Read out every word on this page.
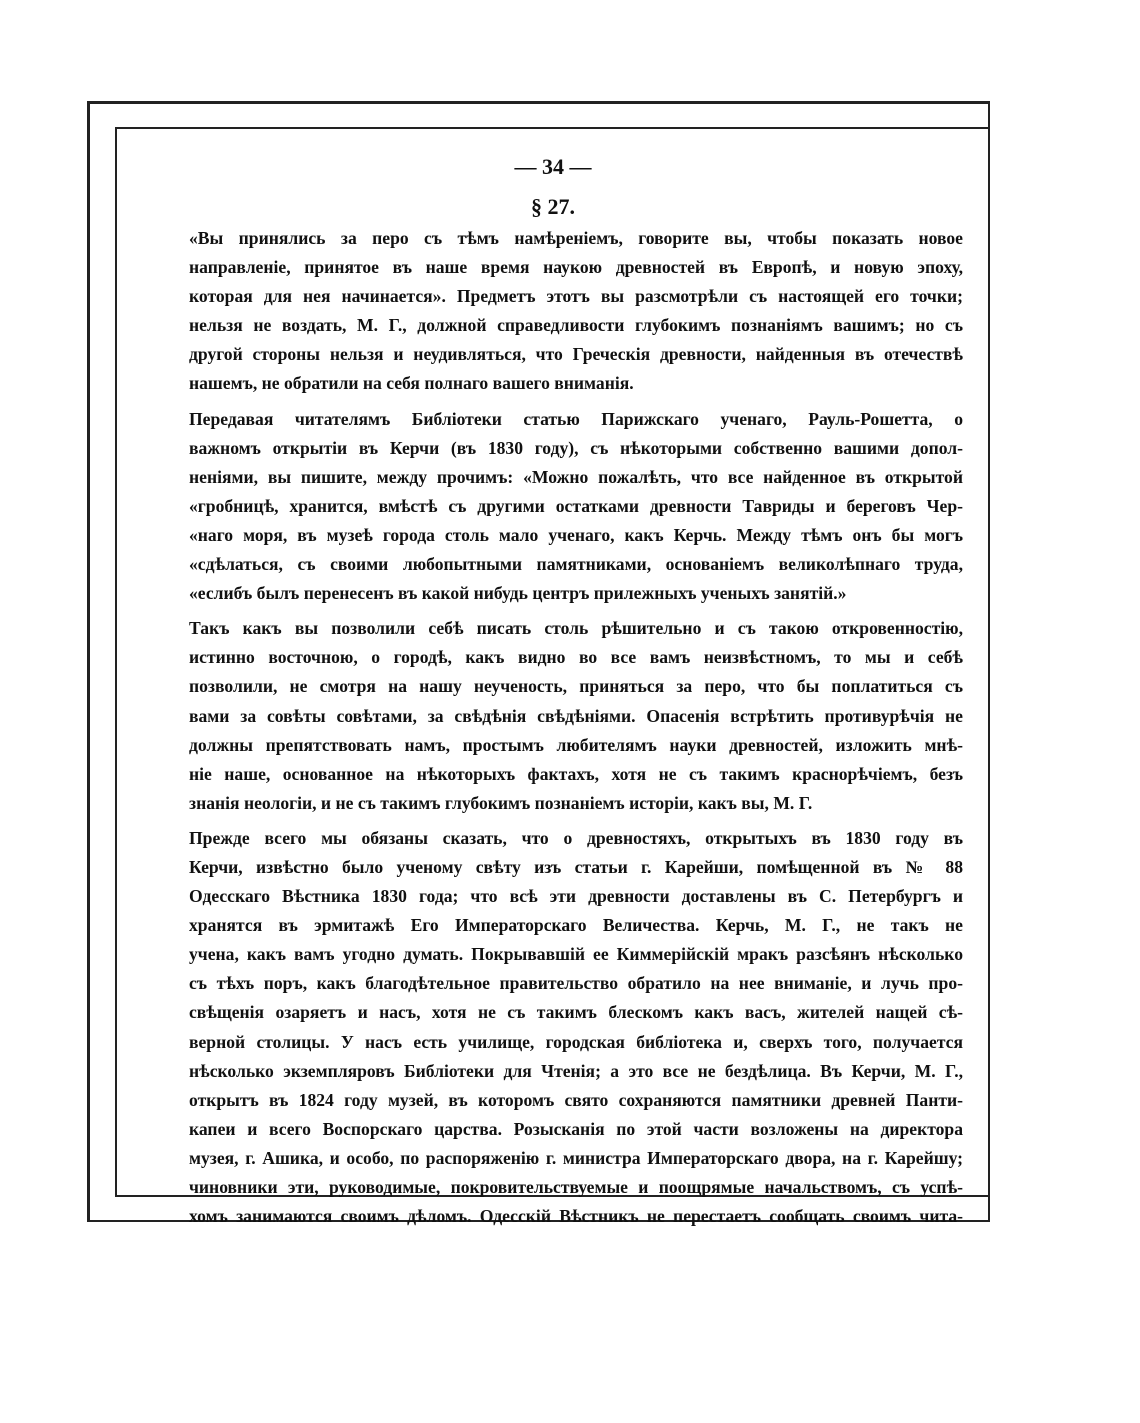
— 34 —
§ 27.
«Вы принялись за перо съ тѣмъ намѣреніемъ, говорите вы, чтобы показать новое
направленіе, принятое въ наше время наукою древностей въ Европѣ, и новую эпоху,
которая для нея начинается». Предметъ этотъ вы разсмотрѣли съ настоящей его точки;
нельзя не воздать, М. Г., должной справедливости глубокимъ познаніямъ вашимъ; но съ
другой стороны нельзя и неудивляться, что Греческія древности, найденныя въ отечествѣ
нашемъ, не обратили на себя полнаго вашего вниманія.
Передавая читателямъ Библіотеки статью Парижскаго ученаго, Рауль-Рошетта, о
важномъ открытіи въ Керчи (въ 1830 году), съ нѣкоторыми собственно вашими допол-
неніями, вы пишите, между прочимъ: «Можно пожалѣть, что все найденное въ открытой
«гробницѣ, хранится, вмѣстѣ съ другими остатками древности Тавриды и береговъ Чер-
«наго моря, въ музеѣ города столь мало ученаго, какъ Керчь. Между тѣмъ онъ бы могъ
«сдѣлаться, съ своими любопытными памятниками, основаніемъ великолѣпнаго труда,
«еслибъ былъ перенесенъ въ какой нибудь центръ прилежныхъ ученыхъ занятій.»
Такъ какъ вы позволили себѣ писать столь рѣшительно и съ такою откровенностію,
истинно восточною, о городѣ, какъ видно во все вамъ неизвѣстномъ, то мы и себѣ
позволили, не смотря на нашу неученость, приняться за перо, что бы поплатиться съ
вами за совѣты совѣтами, за свѣдѣнія свѣдѣніями. Опасенія встрѣтить противурѣчія не
должны препятствовать намъ, простымъ любителямъ науки древностей, изложить мнѣ-
ніе наше, основанное на нѣкоторыхъ фактахъ, хотя не съ такимъ краснорѣчіемъ, безъ
знанія неологіи, и не съ такимъ глубокимъ познаніемъ исторіи, какъ вы, М. Г.
Прежде всего мы обязаны сказать, что о древностяхъ, открытыхъ въ 1830 году въ
Керчи, извѣстно было ученому свѣту изъ статьи г. Карейши, помѣщенной въ № 88
Одесскаго Вѣстника 1830 года; что всѣ эти древности доставлены въ С. Петербургъ и
хранятся въ эрмитажѣ Его Императорскаго Величества. Керчь, М. Г., не такъ не
учена, какъ вамъ угодно думать. Покрывавшій ее Киммерійскій мракъ разсѣянъ нѣсколько
съ тѣхъ поръ, какъ благодѣтельное правительство обратило на нее вниманіе, и лучь про-
свѣщенія озаряетъ и насъ, хотя не съ такимъ блескомъ какъ васъ, жителей нащей сѣ-
верной столицы. У насъ есть училище, городская библіотека и, сверхъ того, получается
нѣсколько экземпляровъ Библіотеки для Чтенія; а это все не бездѣлица. Въ Керчи, М. Г.,
открытъ въ 1824 году музей, въ которомъ свято сохраняются памятники древней Панти-
капеи и всего Воспорскаго царства. Розысканія по этой части возложены на директора
музея, г. Ашика, и особо, по распоряженію г. министра Императорскаго двора, на г. Карейшу;
чиновники эти, руководимые, покровительствуемые и поощрямые начальствомъ, съ успѣ-
хомъ занимаются своимъ дѣломъ. Одесскій Вѣстникъ не перестаетъ сообщать своимъ чита-
